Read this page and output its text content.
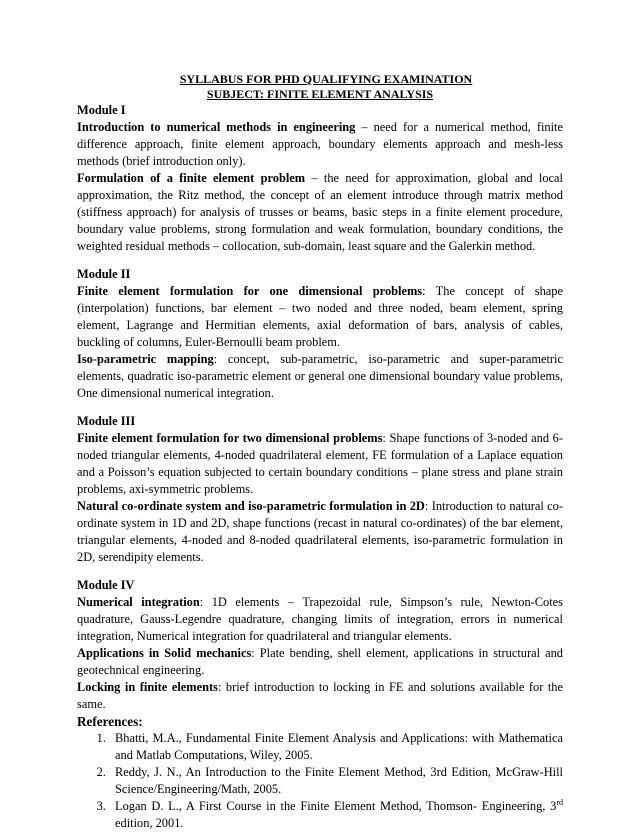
SYLLABUS FOR PHD QUALIFYING EXAMINATION
SUBJECT: FINITE ELEMENT ANALYSIS
Module I

Introduction to numerical methods in engineering – need for a numerical method, finite difference approach, finite element approach, boundary elements approach and mesh-less methods (brief introduction only).

Formulation of a finite element problem – the need for approximation, global and local approximation, the Ritz method, the concept of an element introduce through matrix method (stiffness approach) for analysis of trusses or beams, basic steps in a finite element procedure, boundary value problems, strong formulation and weak formulation, boundary conditions, the weighted residual methods – collocation, sub-domain, least square and the Galerkin method.

Module II

Finite element formulation for one dimensional problems: The concept of shape (interpolation) functions, bar element – two noded and three noded, beam element, spring element, Lagrange and Hermitian elements, axial deformation of bars, analysis of cables, buckling of columns, Euler-Bernoulli beam problem.

Iso-parametric mapping: concept, sub-parametric, iso-parametric and super-parametric elements, quadratic iso-parametric element or general one dimensional boundary value problems, One dimensional numerical integration.

Module III

Finite element formulation for two dimensional problems: Shape functions of 3-noded and 6-noded triangular elements, 4-noded quadrilateral element, FE formulation of a Laplace equation and a Poisson’s equation subjected to certain boundary conditions – plane stress and plane strain problems, axi-symmetric problems.

Natural co-ordinate system and iso-parametric formulation in 2D: Introduction to natural co-ordinate system in 1D and 2D, shape functions (recast in natural co-ordinates) of the bar element, triangular elements, 4-noded and 8-noded quadrilateral elements, iso-parametric formulation in 2D, serendipity elements.

Module IV

Numerical integration: 1D elements – Trapezoidal rule, Simpson’s rule, Newton-Cotes quadrature, Gauss-Legendre quadrature, changing limits of integration, errors in numerical integration, Numerical integration for quadrilateral and triangular elements.

Applications in Solid mechanics: Plate bending, shell element, applications in structural and geotechnical engineering.

Locking in finite elements: brief introduction to locking in FE and solutions available for the same.

References:
1. Bhatti, M.A., Fundamental Finite Element Analysis and Applications: with Mathematica and Matlab Computations, Wiley, 2005.
2. Reddy, J. N., An Introduction to the Finite Element Method, 3rd Edition, McGraw-Hill Science/Engineering/Math, 2005.
3. Logan D. L., A First Course in the Finite Element Method, Thomson- Engineering, 3rd edition, 2001.
